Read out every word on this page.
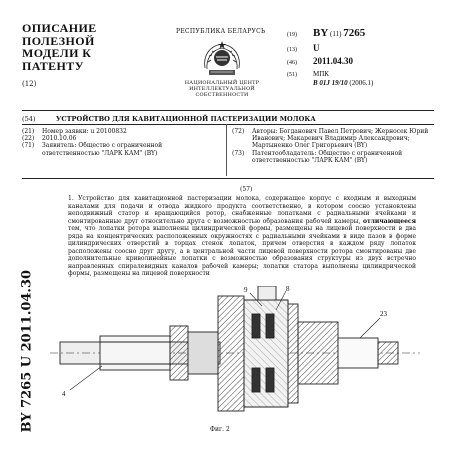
ОПИСАНИЕ
ПОЛЕЗНОЙ
МОДЕЛИ К
ПАТЕНТУ
(12)
РЕСПУБЛИКА БЕЛАРУСЬ
НАЦИОНАЛЬНЫЙ ЦЕНТР
ИНТЕЛЛЕКТУАЛЬНОЙ
СОБСТВЕННОСТИ
(19) BY (11) 7265
(13) U
(46) 2011.04.30
(51) МПК
B 01J 19/10 (2006.1)
(54)	УСТРОЙСТВО ДЛЯ КАВИТАЦИОННОЙ ПАСТЕРИЗАЦИИ МОЛОКА
(21) Номер заявки: u 20100832
(22) 2010.10.06
(71) Заявитель: Общество с ограниченной ответственностью "ЛАРК КАМ" (BY)
(72) Авторы: Богданович Павел Петрович; Жерносек Юрий Иванович; Макаревич Владимир Александрович; Мартыненко Олег Григорьевич (BY)
(73) Патентообладатель: Общество с ограниченной ответственностью "ЛАРК КАМ" (BY)
(57)
1. Устройство для кавитационной пастеризации молока, содержащее корпус с входным и выходным каналами для подачи и отвода жидкого продукта соответственно, в котором соосно установлены неподвижный статор и вращающийся ротор, снабженные лопатками с радиальными ячейками и смонтированные друг относительно друга с возможностью образования рабочей камеры, отличающееся тем, что лопатки ротора выполнены цилиндрической формы, размещены на лицевой поверхности в два ряда на концентрических расположенных окружностях с радиальными ячейками в виде пазов в форме цилиндрических отверстий в торцах стенок лопаток, причем отверстия в каждом ряду лопаток расположены соосно друг другу, а в центральной части лицевой поверхности ротора смонтированы две дополнительные криволинейные лопатки с возможностью образования структуры из двух встречно направленных спиралевидных каналов рабочей камеры; лопатки статора выполнены цилиндрической формы, размещены на лицевой поверхности
BY 7265 U 2011.04.30	4
9	8
23
Фиг. 2
